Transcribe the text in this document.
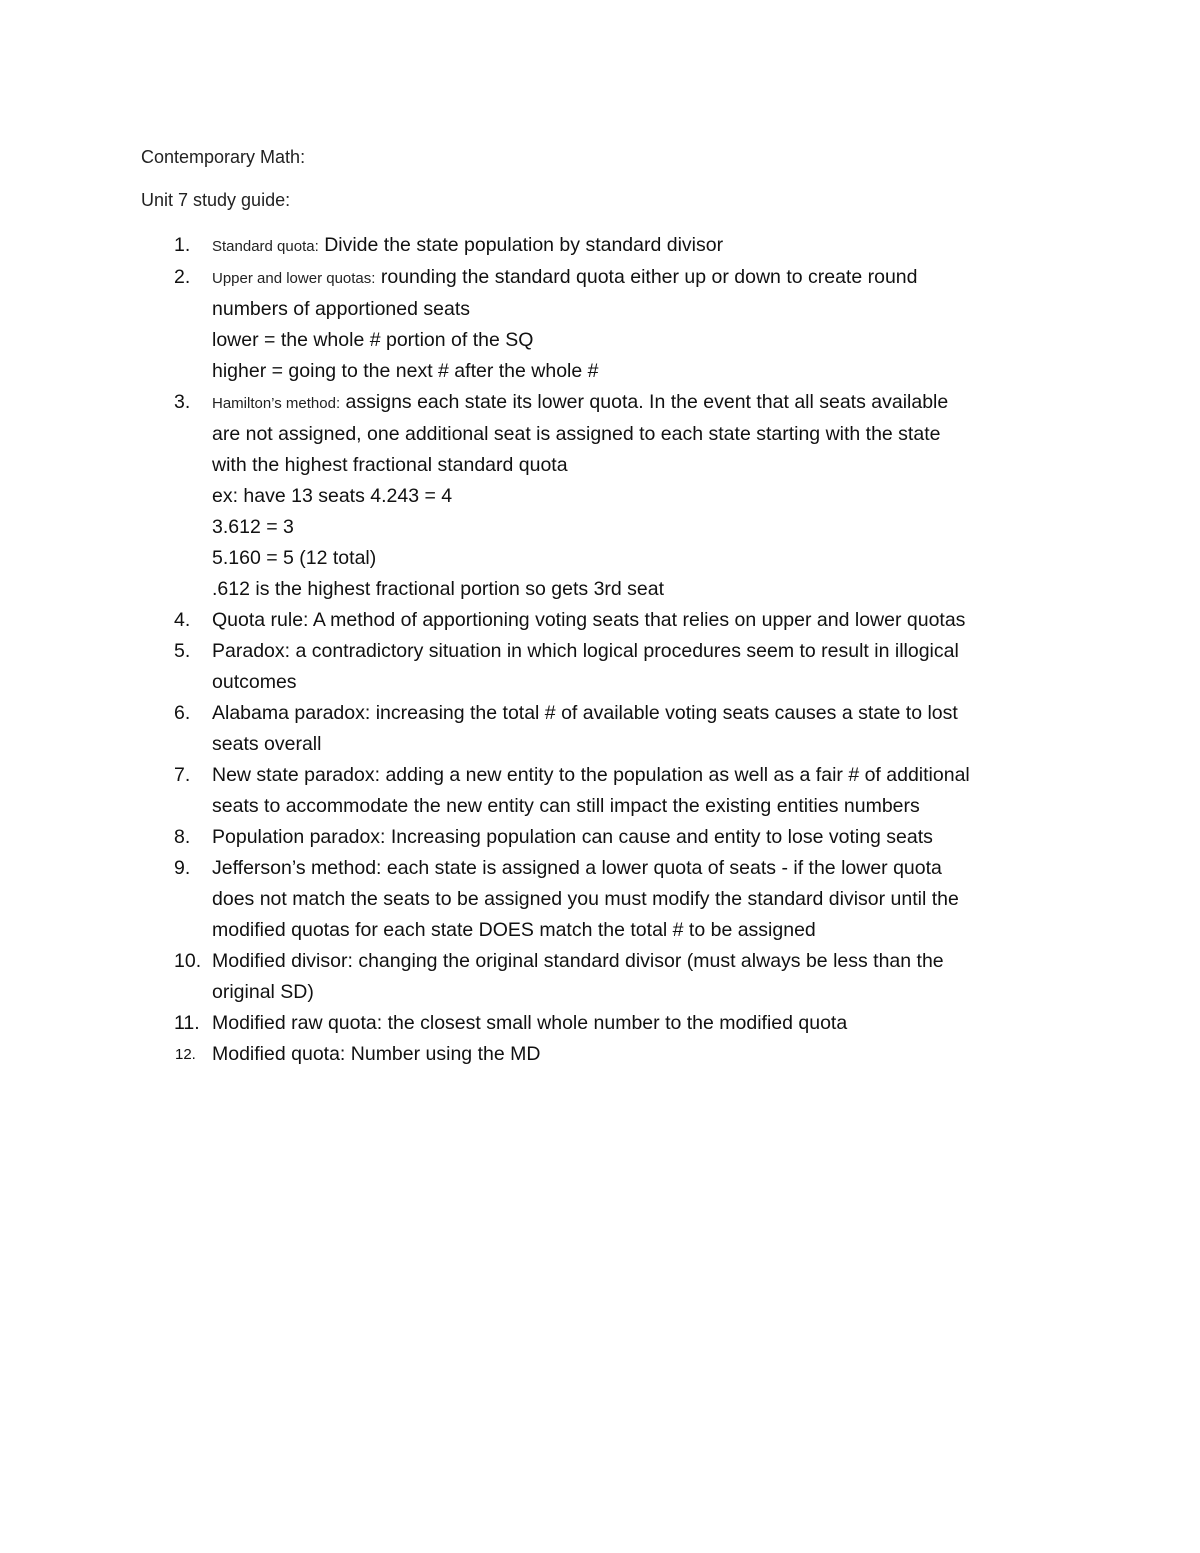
Contemporary Math:
Unit 7 study guide:
1.	Standard quota: Divide the state population by standard divisor
2.	Upper and lower quotas: rounding the standard quota either up or down to create round
numbers of apportioned seats
lower = the whole # portion of the SQ
higher = going to the next # after the whole #
3.	Hamilton’s method: assigns each state its lower quota. In the event that all seats available
are not assigned, one additional seat is assigned to each state starting with the state
with the highest fractional standard quota
ex: have 13 seats 4.243 = 4
3.612 = 3
5.160 = 5 (12 total)
.612 is the highest fractional portion so gets 3rd seat
4.	Quota rule: A method of apportioning voting seats that relies on upper and lower quotas
5.	Paradox: a contradictory situation in which logical procedures seem to result in illogical
outcomes
6.	Alabama paradox: increasing the total # of available voting seats causes a state to lost
seats overall
7.	New state paradox: adding a new entity to the population as well as a fair # of additional
seats to accommodate the new entity can still impact the existing entities numbers
8.	Population paradox: Increasing population can cause and entity to lose voting seats
9.	Jefferson’s method: each state is assigned a lower quota of seats - if the lower quota
does not match the seats to be assigned you must modify the standard divisor until the
modified quotas for each state DOES match the total # to be assigned
10. Modified divisor: changing the original standard divisor (must always be less than the
original SD)
11. Modified raw quota: the closest small whole number to the modified quota
12. Modified quota: Number using the MD
